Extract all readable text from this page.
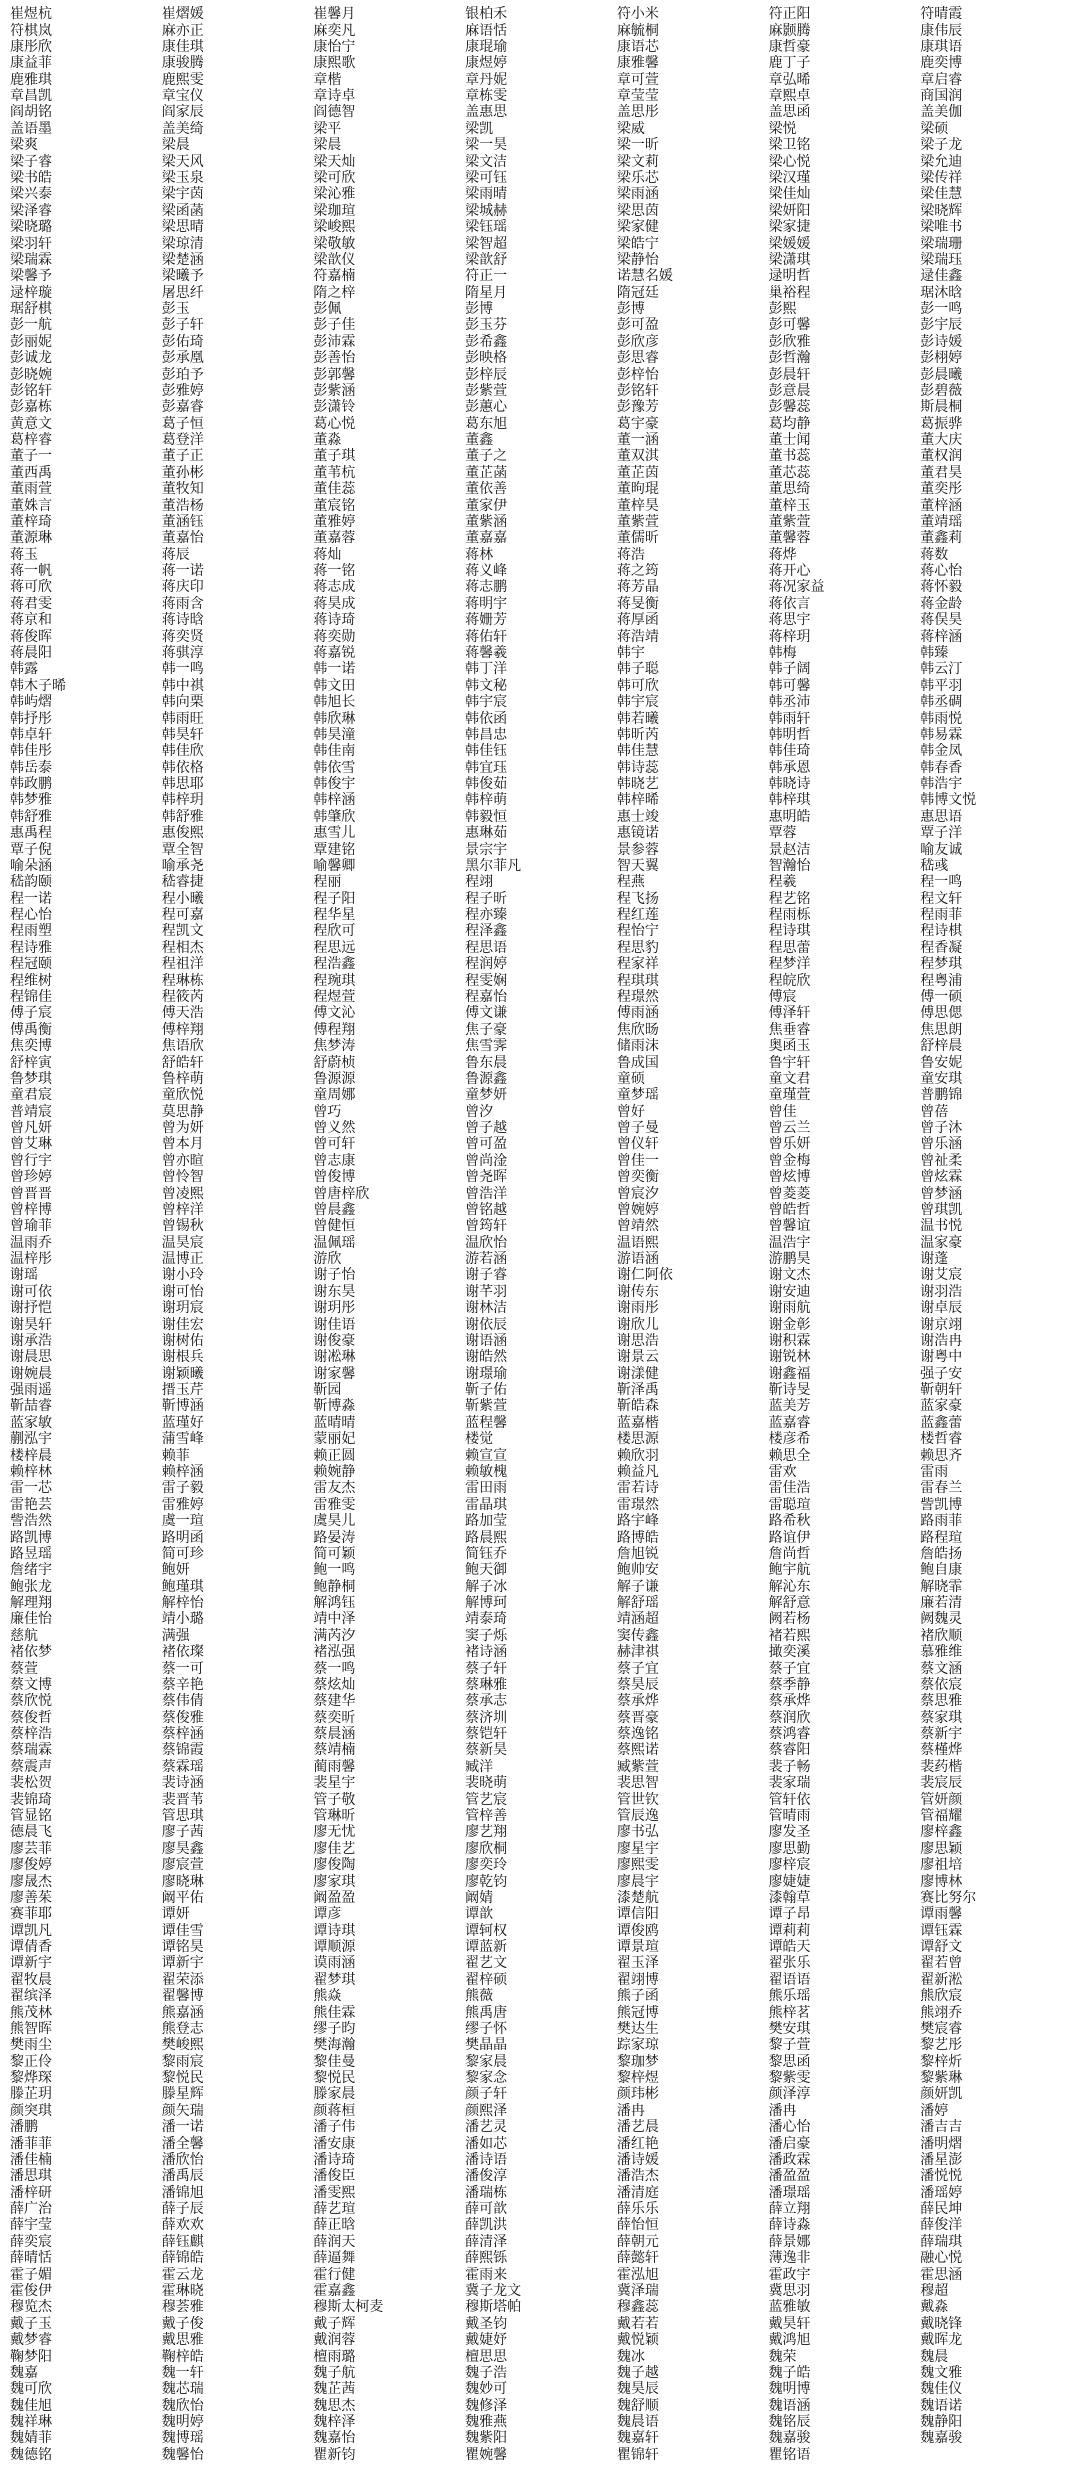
崔煜杭	崔熠媛	崔馨月	银柏禾	符小米	符正阳	符晴霞
符棋岚	麻亦正	麻奕凡	麻语恬	麻毓桐	麻颢腾	康伟辰
康彤欣	康佳琪	康怡宁	康琨瑜	康语芯	康哲豪	康琪语
康益菲	康骏腾	康熙歌	康煜婷	康雅馨	鹿丁子	鹿奕博
鹿雅琪	鹿熙雯	章楷	章丹妮	章可萱	章弘晞	章启睿
章昌凯	章宝仪	章诗卓	章栋雯	章莹莹	章熙卓	商国润
阎胡铭	阎家辰	阎德智	盖惠思	盖思彤	盖思函	盖美伽
盖语墨	盖美绮	梁平	梁凯	梁威	梁悦	梁硕
梁爽	梁晨	梁晨	梁一昊	梁一昕	梁卫铭	梁子龙
梁子睿	梁天风	梁天灿	梁文洁	梁文莉	梁心悦	梁允迪
梁书皓	梁玉泉	梁可欣	梁可钰	梁乐芯	梁汉瑾	梁传祥
梁兴泰	梁宇茵	梁沁雅	梁雨晴	梁雨涵	梁佳灿	梁佳慧
梁泽睿	梁函菡	梁珈瑄	梁城赫	梁思茵	梁妍阳	梁晓辉
梁晓璐	梁思晴	梁峻熙	梁钰瑶	梁家健	梁家捷	梁唯书
梁羽轩	梁琼清	梁敬敏	梁智超	梁皓宁	梁媛媛	梁瑞珊
梁瑞霖	梁楚涵	梁歆仪	梁歆舒	梁静怡	梁潇琪	梁瑞珏
梁馨予	梁曦予	符嘉楠	符正一	诺慧名媛	逯明哲	逯佳鑫
逯梓璇	屠思纤	隋之梓	隋星月	隋冠廷	巢裕程	琚沐晗
琚舒棋	彭玉	彭佩	彭博	彭博	彭熙	彭一鸣
彭一航	彭子轩	彭子佳	彭玉芬	彭可盈	彭可馨	彭宇辰
彭丽妮	彭佑琦	彭沛霖	彭希鑫	彭欣彦	彭欣雅	彭诗媛
彭诚龙	彭承凰	彭善怡	彭映格	彭思睿	彭哲瀚	彭栩婷
彭晓婉	彭珀予	彭郭馨	彭梓辰	彭梓怡	彭晨轩	彭晨曦
彭铭轩	彭雅婷	彭紫涵	彭紫萱	彭铭轩	彭意晨	彭碧薇
彭嘉栋	彭嘉睿	彭潇铃	彭蕙心	彭豫芳	彭馨蕊	斯晨桐
黄意文	葛子恒	葛心悦	葛东旭	葛宇豪	葛均静	葛振骅
葛梓睿	葛登洋	董淼	董鑫	董一涵	董士闻	董大庆
董子一	董子正	董子琪	董子之	董双淇	董书蕊	董权润
董西禹	董孙彬	董苇杭	董芷菡	董芷茵	董芯蕊	董君昊
董雨萱	董牧知	董佳蕊	董依善	董昫琨	董思绮	董奕彤
董姝言	董浩杨	董宸铭	董家伊	董梓昊	董梓玉	董梓涵
董梓琦	董涵钰	董雅婷	董紫涵	董紫萱	董紫萱	董靖瑶
董源琳	董嘉怡	董嘉蓉	董嘉嘉	董儒昕	董馨蓉	董鑫莉
蒋玉	蒋辰	蒋灿	蒋林	蒋浩	蒋烨	蒋数
蒋一帆	蒋一诺	蒋一铭	蒋义峰	蒋之筠	蒋开心	蒋心怡
蒋可欣	蒋庆印	蒋志成	蒋志鹏	蒋芳晶	蒋况家益	蒋怀毅
蒋君雯	蒋雨含	蒋昊成	蒋明宇	蒋旻衡	蒋依言	蒋金龄
蒋京和	蒋诗晗	蒋诗琦	蒋姗芳	蒋厚函	蒋思宇	蒋俣昊
蒋俊晖	蒋奕贤	蒋奕勋	蒋佑轩	蒋浩靖	蒋梓玥	蒋梓涵
蒋晨阳	蒋骐淳	蒋嘉锐	蒋馨羲	韩宇	韩梅	韩臻
韩露	韩一鸣	韩一诺	韩丁洋	韩子聪	韩子阔	韩云汀
韩木子晞	韩中祺	韩文田	韩文秘	韩可欣	韩可馨	韩平羽
韩屿熠	韩向栗	韩旭长	韩宇宸	韩宇宸	韩丞沛	韩丞碉
韩抒彤	韩雨旺	韩欣琳	韩依函	韩若曦	韩雨轩	韩雨悦
韩卓轩	韩昊轩	韩昊潼	韩昌忠	韩昕芮	韩明哲	韩易霖
韩佳彤	韩佳欣	韩佳南	韩佳钰	韩佳慧	韩佳琦	韩金凤
韩岳泰	韩依格	韩依雪	韩宜珏	韩诗蕊	韩承恩	韩春香
韩政鹏	韩思耶	韩俊宇	韩俊茹	韩晓艺	韩晓诗	韩浩宇
韩梦雅	韩梓玥	韩梓涵	韩梓萌	韩梓晞	韩梓琪	韩博文悦
韩舒雅	韩舒雅	韩肇欣	韩毅恒	惠士竣	惠明皓	惠思语
惠禹程	惠俊熙	惠雪儿	惠琳茹	惠镜诺	覃蓉	覃子洋
覃子倪	覃全智	覃建铭	景宗宇	景参蓉	景赵洁	喻友诚
喻朵涵	喻承尧	喻馨卿	黑尔菲凡	智天翼	智瀚怡	嵇彧
嵇韵颐	嵇睿捷	程丽	程翊	程燕	程羲	程一鸣
程一诺	程小曦	程子阳	程子昕	程飞扬	程艺铭	程文轩
程心怡	程可嘉	程华星	程亦臻	程红莲	程雨栎	程雨菲
程雨塑	程凯文	程欣可	程泽鑫	程怡宁	程诗琪	程诗棋
程诗雅	程相杰	程思远	程思语	程思豹	程思蕾	程香凝
程冠颐	程祖洋	程浩鑫	程润婷	程家祥	程梦洋	程梦琪
程维树	程琳栋	程琬琪	程雯娴	程琪琪	程皖欣	程粤浦
程锦佳	程筱芮	程煜萱	程嘉怡	程璟然	傅宸	傅一硕
傅子宸	傅天浩	傅文沁	傅文谦	傅雨涵	傅泽轩	傅思偲
傅禹衡	傅梓翔	傅程翔	焦子豪	焦欣旸	焦垂睿	焦思朗
焦奕博	焦语欣	焦梦涛	焦雪霁	储雨沫	奥函玉	舒梓晨
舒梓寅	舒皓轩	舒蔚桢	鲁东晨	鲁成国	鲁宇轩	鲁安妮
鲁梦琪	鲁梓萌	鲁源源	鲁源鑫	童硕	童文君	童安琪
童君宸	童欣悦	童周娜	童梦妍	童梦瑶	童瑾萱	普鹏锦
普靖宸	莫思静	曾巧	曾汐	曾好	曾佳	曾蓓
曾凡妍	曾为妍	曾义然	曾子越	曾子曼	曾云兰	曾子沐
曾艾琳	曾本月	曾可轩	曾可盈	曾仪轩	曾乐妍	曾乐涵
曾行宇	曾亦暄	曾志康	曾尚淦	曾佳一	曾金梅	曾祉柔
曾珍婷	曾怜智	曾俊博	曾尧晖	曾奕衡	曾炫博	曾炫霖
曾晋晋	曾凌熙	曾唐梓欣	曾浩洋	曾宸汐	曾菱菱	曾梦涵
曾梓博	曾梓洋	曾晨鑫	曾铭越	曾婉婷	曾皓哲	曾琪凯
曾瑜菲	曾锡秋	曾健恒	曾筠轩	曾靖然	曾馨谊	温书悦
温雨乔	温昊宸	温佩瑶	温欣怡	温语熙	温浩宇	温家豪
温梓彤	温博正	游欣	游若涵	游语涵	游鹏昊	谢蓬
谢瑶	谢小玲	谢子怡	谢子睿	谢仁阿依	谢文杰	谢艾宸
谢可依	谢可怡	谢东昊	谢芊羽	谢传东	谢安迪	谢羽浩
谢抒恺	谢玥宸	谢玥彤	谢林洁	谢雨彤	谢雨航	谢卓辰
谢昊轩	谢佳宏	谢佳语	谢依辰	谢欣儿	谢金彰	谢京翊
谢承浩	谢树佑	谢俊豪	谢语涵	谢思浩	谢积霖	谢浩冉
谢晨思	谢根兵	谢凇琳	谢皓然	谢景云	谢锐林	谢粤中
谢婉晨	谢颖曦	谢家馨	谢璟瑜	谢漾健	谢鑫福	强子安
强雨遥	搢玉芹	靳园	靳子佑	靳泽禹	靳诗旻	靳朝轩
靳喆睿	靳博涵	靳博淼	靳紫萱	靳皓森	蓝美芳	蓝家豪
蓝家敏	蓝瑾好	蓝晴晴	蓝程馨	蓝嘉楷	蓝嘉睿	蓝鑫蕾
蒯泓宇	蒲雪峰	蒙丽妃	楼觉	楼思源	楼彦希	楼哲睿
楼梓晨	赖菲	赖正圆	赖宣宣	赖欣羽	赖思全	赖思齐
赖梓林	赖梓涵	赖婉静	赖敏槐	赖益凡	雷欢	雷雨
雷一芯	雷子毅	雷友杰	雷田雨	雷若诗	雷佳浩	雷春兰
雷艳芸	雷雅婷	雷雅雯	雷晶琪	雷璟然	雷聪瑄	訾凯博
訾浩然	虞一瑄	虞昊儿	路加莹	路宇峰	路希秋	路雨菲
路凯博	路明函	路晏涛	路晨熙	路博皓	路谊伊	路程瑄
路昱瑶	简可珍	简可颖	简钰乔	詹旭锐	詹尚哲	詹皓扬
詹绪宇	鲍妍	鲍一鸣	鲍天御	鲍帅安	鲍宇航	鲍自康
鲍张龙	鲍瑾琪	鲍静桐	解子冰	解子谦	解沁东	解晓霏
解理翔	解梓怡	解鸿钰	解博珂	解舒瑶	解舒意	廉若清
廉佳怡	靖小璐	靖中泽	靖泰琦	靖涵超	阙若杨	阙魏灵
慈航	满强	满芮汐	窦子烁	窦传鑫	褚若熙	褚欣顺
褚依梦	褚依璨	褚泓强	褚诗涵	赫津祺	撖奕溪	慕雅维
蔡萱	蔡一可	蔡一鸣	蔡子轩	蔡子宜	蔡子宜	蔡文涵
蔡文博	蔡辛艳	蔡炫灿	蔡琳雅	蔡昊辰	蔡季静	蔡依宸
蔡欣悦	蔡伟倩	蔡建华	蔡承志	蔡承烨	蔡承烨	蔡思雅
蔡俊哲	蔡俊雅	蔡奕昕	蔡济圳	蔡晋豪	蔡润欣	蔡家琪
蔡梓浩	蔡梓涵	蔡晨涵	蔡铠轩	蔡逸铭	蔡鸿睿	蔡新宇
蔡瑞霖	蔡锦霞	蔡靖楠	蔡新昊	蔡熙诺	蔡睿阳	蔡槿烨
蔡震声	蔡霖瑶	蔺雨馨	臧洋	臧紫萱	裴子畅	裴药楷
裴松贺	裴诗涵	裴星宇	裴晓萌	裴思智	裴家瑞	裴宸辰
裴锦琦	裴晋苇	管子敬	管艺宸	管世钦	管轩依	管妍颜
管显铭	管思琪	管琳昕	管梓善	管辰逸	管晴雨	管福耀
德晨飞	廖子茜	廖无忧	廖艺翔	廖书弘	廖发圣	廖梓鑫
廖芸菲	廖昊鑫	廖佳艺	廖欣桐	廖星宇	廖思勤	廖思颖
廖俊婷	廖宸萱	廖俊陶	廖奕玲	廖熙雯	廖梓宸	廖祖培
廖晟杰	廖晓琳	廖家琪	廖乾钧	廖晨宇	廖婕婕	廖博林
廖善茱	阚平佑	阚盈盈	阚婧	漆楚航	漆翰草	赛比努尔
赛菲耶	谭妍	谭彦	谭歆	谭信阳	谭子昂	谭雨馨
谭凯凡	谭佳雪	谭诗琪	谭轲权	谭俊鸥	谭莉莉	谭钰霖
谭倩香	谭铭昊	谭顺源	谭蓝新	谭景瑄	谭皓天	谭舒文
谭新宇	谭新宇	谟雨涵	翟艺文	翟玉泽	翟张乐	翟若曾
翟牧晨	翟荣添	翟梦琪	翟梓硕	翟翊博	翟语语	翟新淞
翟缤泽	翟馨博	熊焱	熊薇	熊子函	熊乐瑶	熊欣宸
熊茂林	熊嘉涵	熊佳霖	熊禹唐	熊冠博	熊梓茗	熊翊乔
熊智晖	熊登志	缪子昀	缪子怀	樊达生	樊安琪	樊宸睿
樊雨尘	樊峻熙	樊海瀚	樊晶晶	踪家琼	黎子萱	黎艺彤
黎正伶	黎雨宸	黎佳曼	黎家晨	黎珈梦	黎思函	黎梓炘
黎烨琛	黎悦民	黎悦民	黎家念	黎梓煜	黎紫雯	黎紫琳
滕芷玥	滕星辉	滕家晨	颜子轩	颜玮彬	颜泽淳	颜妍凯
颜突琪	颜矢瑞	颜蒋桓	颜熙泽	潘冉	潘冉	潘婷
潘鹏	潘一诺	潘子伟	潘艺灵	潘艺晨	潘心怡	潘吉吉
潘菲菲	潘全馨	潘安康	潘如芯	潘红艳	潘启豪	潘明熠
潘佳楠	潘欣怡	潘诗琦	潘诗语	潘诗媛	潘政霖	潘星澎
潘思琪	潘禹辰	潘俊臣	潘俊淳	潘浩杰	潘盈盈	潘悦悦
潘梓研	潘锦旭	潘雯熙	潘瑞栋	潘清庭	潘璟瑶	潘瑶婷
薛广治	薛子辰	薛艺瑄	薛可歆	薛乐乐	薛立翔	薛民坤
薛宇莹	薛欢欢	薛正晗	薛凯洪	薛怡恒	薛诗淼	薛俊洋
薛奕宸	薛钰麒	薛润天	薛清泽	薛朝元	薛景娜	薛瑞琪
薛晴恬	薛锦皓	薛逼舞	薛熙铄	薛懿轩	薄逸非	融心悦
霍子媚	霍云龙	霍行健	霍雨来	霍泓旭	霍政宇	霍思涵
霍俊伊	霍琳晓	霍嘉鑫	冀子龙文	冀泽瑞	冀思羽	穆超
穆览杰	穆荟雅	穆斯太柯麦	穆斯塔帕	穆鑫蕊	蓝雅敏	戴淼
戴子玉	戴子俊	戴子辉	戴圣钧	戴若若	戴昊轩	戴晓锋
戴梦睿	戴思雅	戴润蓉	戴婕妤	戴悦颖	戴鸿旭	戴晖龙
鞠梦阳	鞠梓皓	檀雨璐	檀思思	魏冰	魏荣	魏晨
魏嘉	魏一轩	魏子航	魏子浩	魏子越	魏子皓	魏文雅
魏可欣	魏芯瑞	魏芷茜	魏妙可	魏昊辰	魏明博	魏佳仪
魏佳旭	魏欣怡	魏思杰	魏修泽	魏舒顺	魏语涵	魏语诺
魏祥琳	魏明婷	魏梓泽	魏雅燕	魏晨语	魏铭辰	魏静阳
魏婧菲	魏博瑶	魏嘉怡	魏紫阳	魏嘉轩	魏嘉骏	魏嘉骏
魏德铭	魏馨怡	瞿新钧	瞿婉馨	瞿锦轩	瞿铭语
